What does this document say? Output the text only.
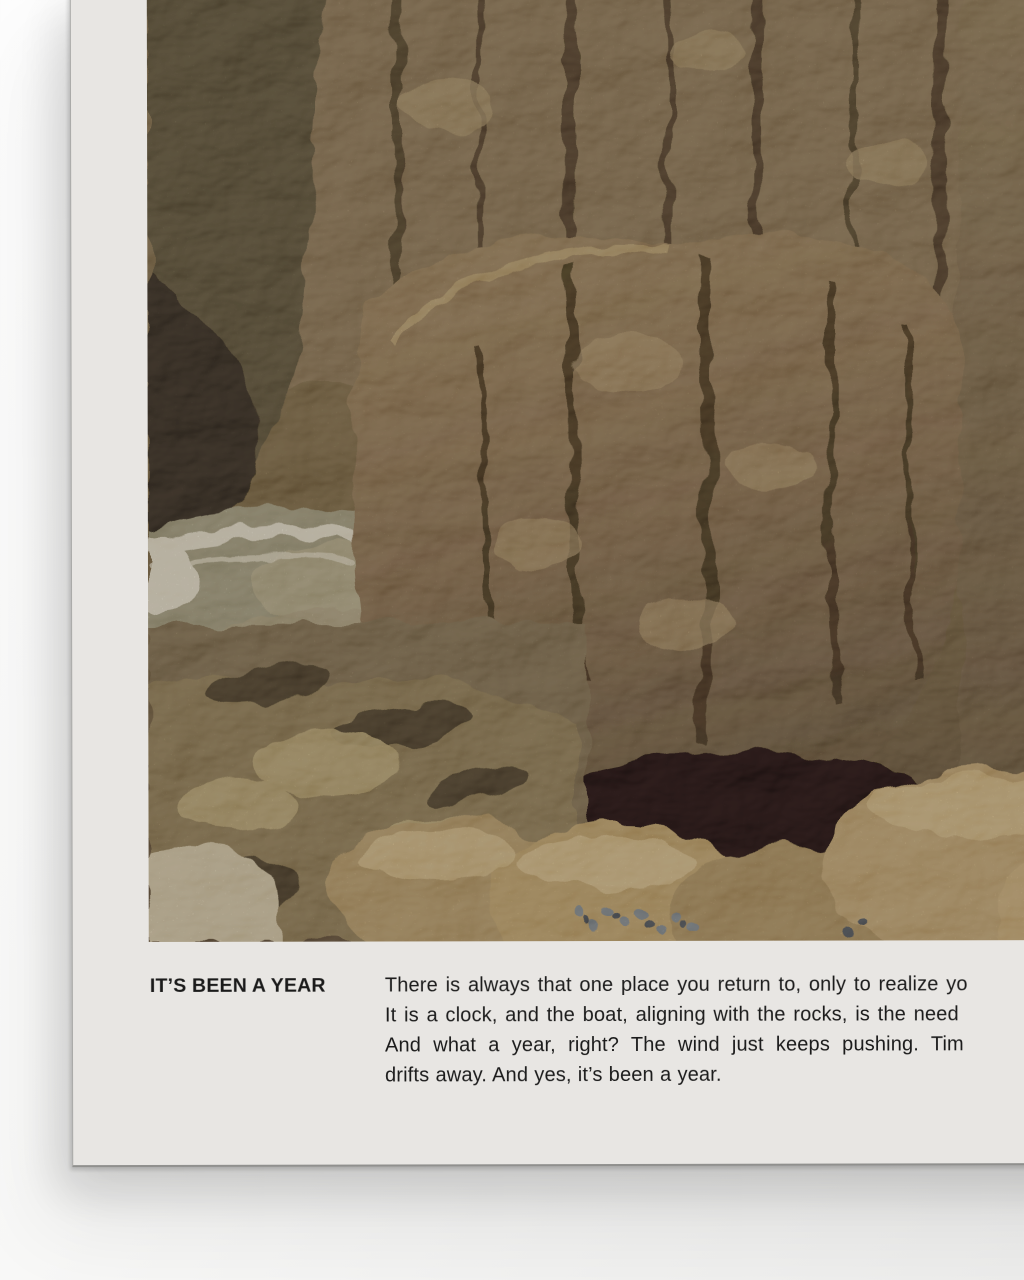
IT’S BEEN A YEAR	There is always that one place you return to, only to realize yo
It is a clock, and the boat, aligning with the rocks, is the need
And what a year, right? The wind just keeps pushing. Tim
drifts away. And yes, it’s been a year.
